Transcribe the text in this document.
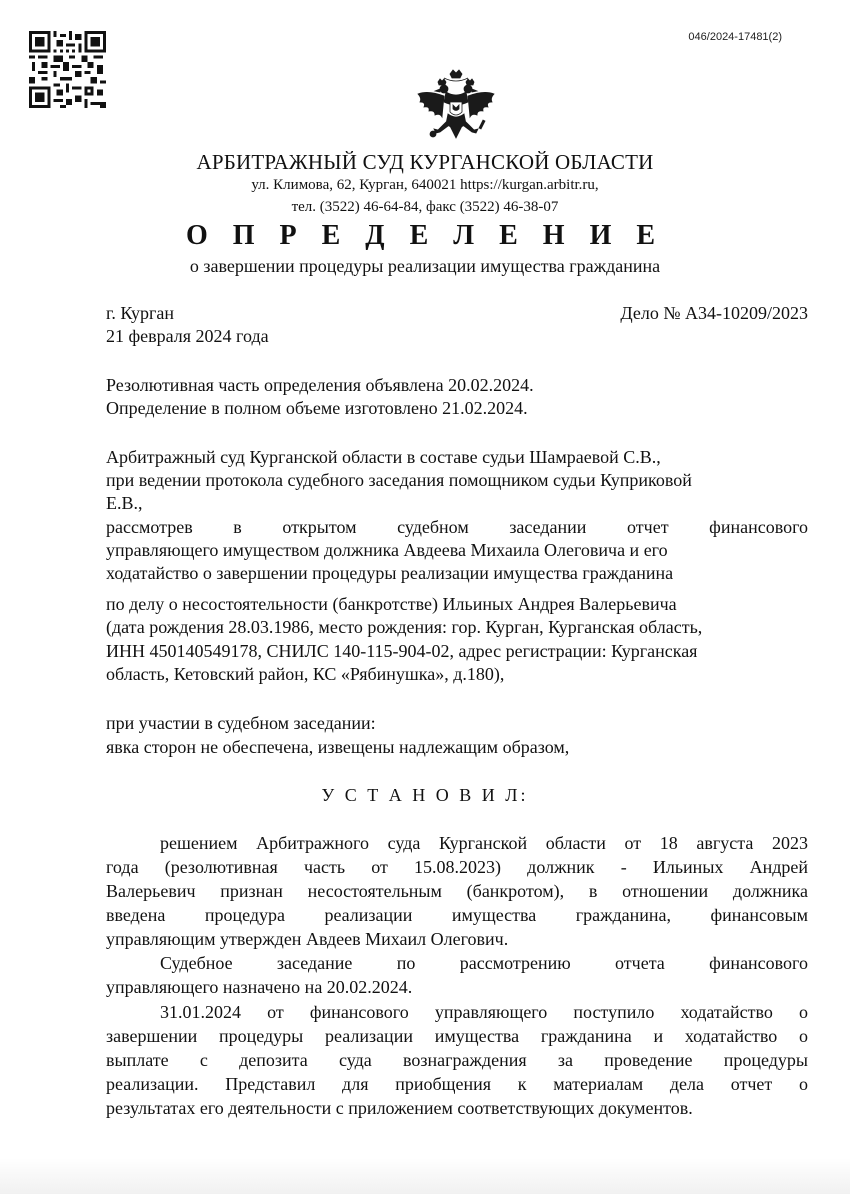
046/2024-17481(2)
АРБИТРАЖНЫЙ СУД КУРГАНСКОЙ ОБЛАСТИ
ул. Климова, 62, Курган, 640021 https://kurgan.arbitr.ru,
тел. (3522) 46-64-84, факс (3522) 46-38-07
О П Р Е Д Е Л Е Н И Е
о завершении процедуры реализации имущества гражданина
г. Курган	Дело № А34-10209/2023
21 февраля 2024 года
Резолютивная часть определения объявлена 20.02.2024.
Определение в полном объеме изготовлено 21.02.2024.
Арбитражный суд Курганской области в составе судьи Шамраевой С.В.,
при ведении протокола судебного заседания помощником судьи Куприковой
Е.В.,
рассмотрев в открытом судебном заседании отчет финансового
управляющего имуществом должника Авдеева Михаила Олеговича и его
ходатайство о завершении процедуры реализации имущества гражданина
по делу о несостоятельности (банкротстве) Ильиных Андрея Валерьевича
(дата рождения 28.03.1986, место рождения: гор. Курган, Курганская область,
ИНН 450140549178, СНИЛС 140-115-904-02, адрес регистрации: Курганская
область, Кетовский район, КС «Рябинушка», д.180),
при участии в судебном заседании:
явка сторон не обеспечена, извещены надлежащим образом,
У С Т А Н О В И Л:
решением Арбитражного суда Курганской области от 18 августа 2023
года (резолютивная часть от 15.08.2023) должник - Ильиных Андрей
Валерьевич признан несостоятельным (банкротом), в отношении должника
введена процедура реализации имущества гражданина, финансовым
управляющим утвержден Авдеев Михаил Олегович.
Судебное заседание по рассмотрению отчета финансового
управляющего назначено на 20.02.2024.
31.01.2024 от финансового управляющего поступило ходатайство о
завершении процедуры реализации имущества гражданина и ходатайство о
выплате с депозита суда вознаграждения за проведение процедуры
реализации. Представил для приобщения к материалам дела отчет о
результатах его деятельности с приложением соответствующих документов.
